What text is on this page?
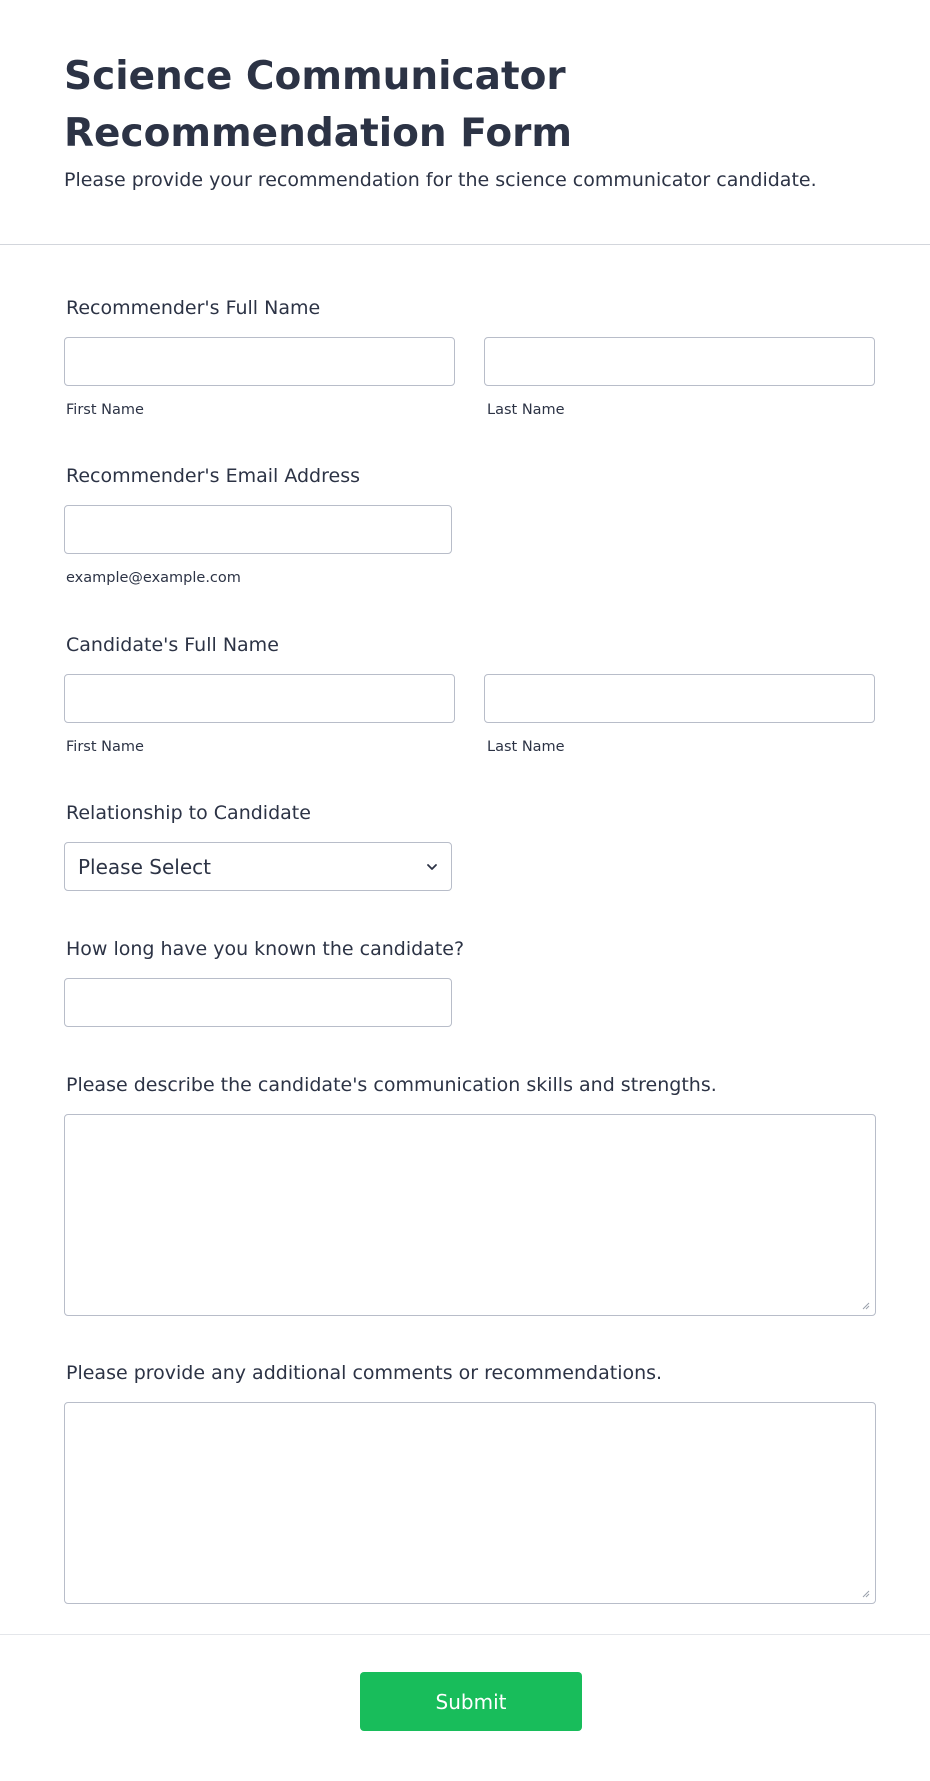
Science Communicator Recommendation Form

Please provide your recommendation for the science communicator candidate.

Recommender's Full Name
First Name	Last Name
Recommender's Email Address
example@example.com
Candidate's Full Name
First Name	Last Name
Relationship to Candidate
Please Select
How long have you known the candidate?
Please describe the candidate's communication skills and strengths.
Please provide any additional comments or recommendations.
Submit
